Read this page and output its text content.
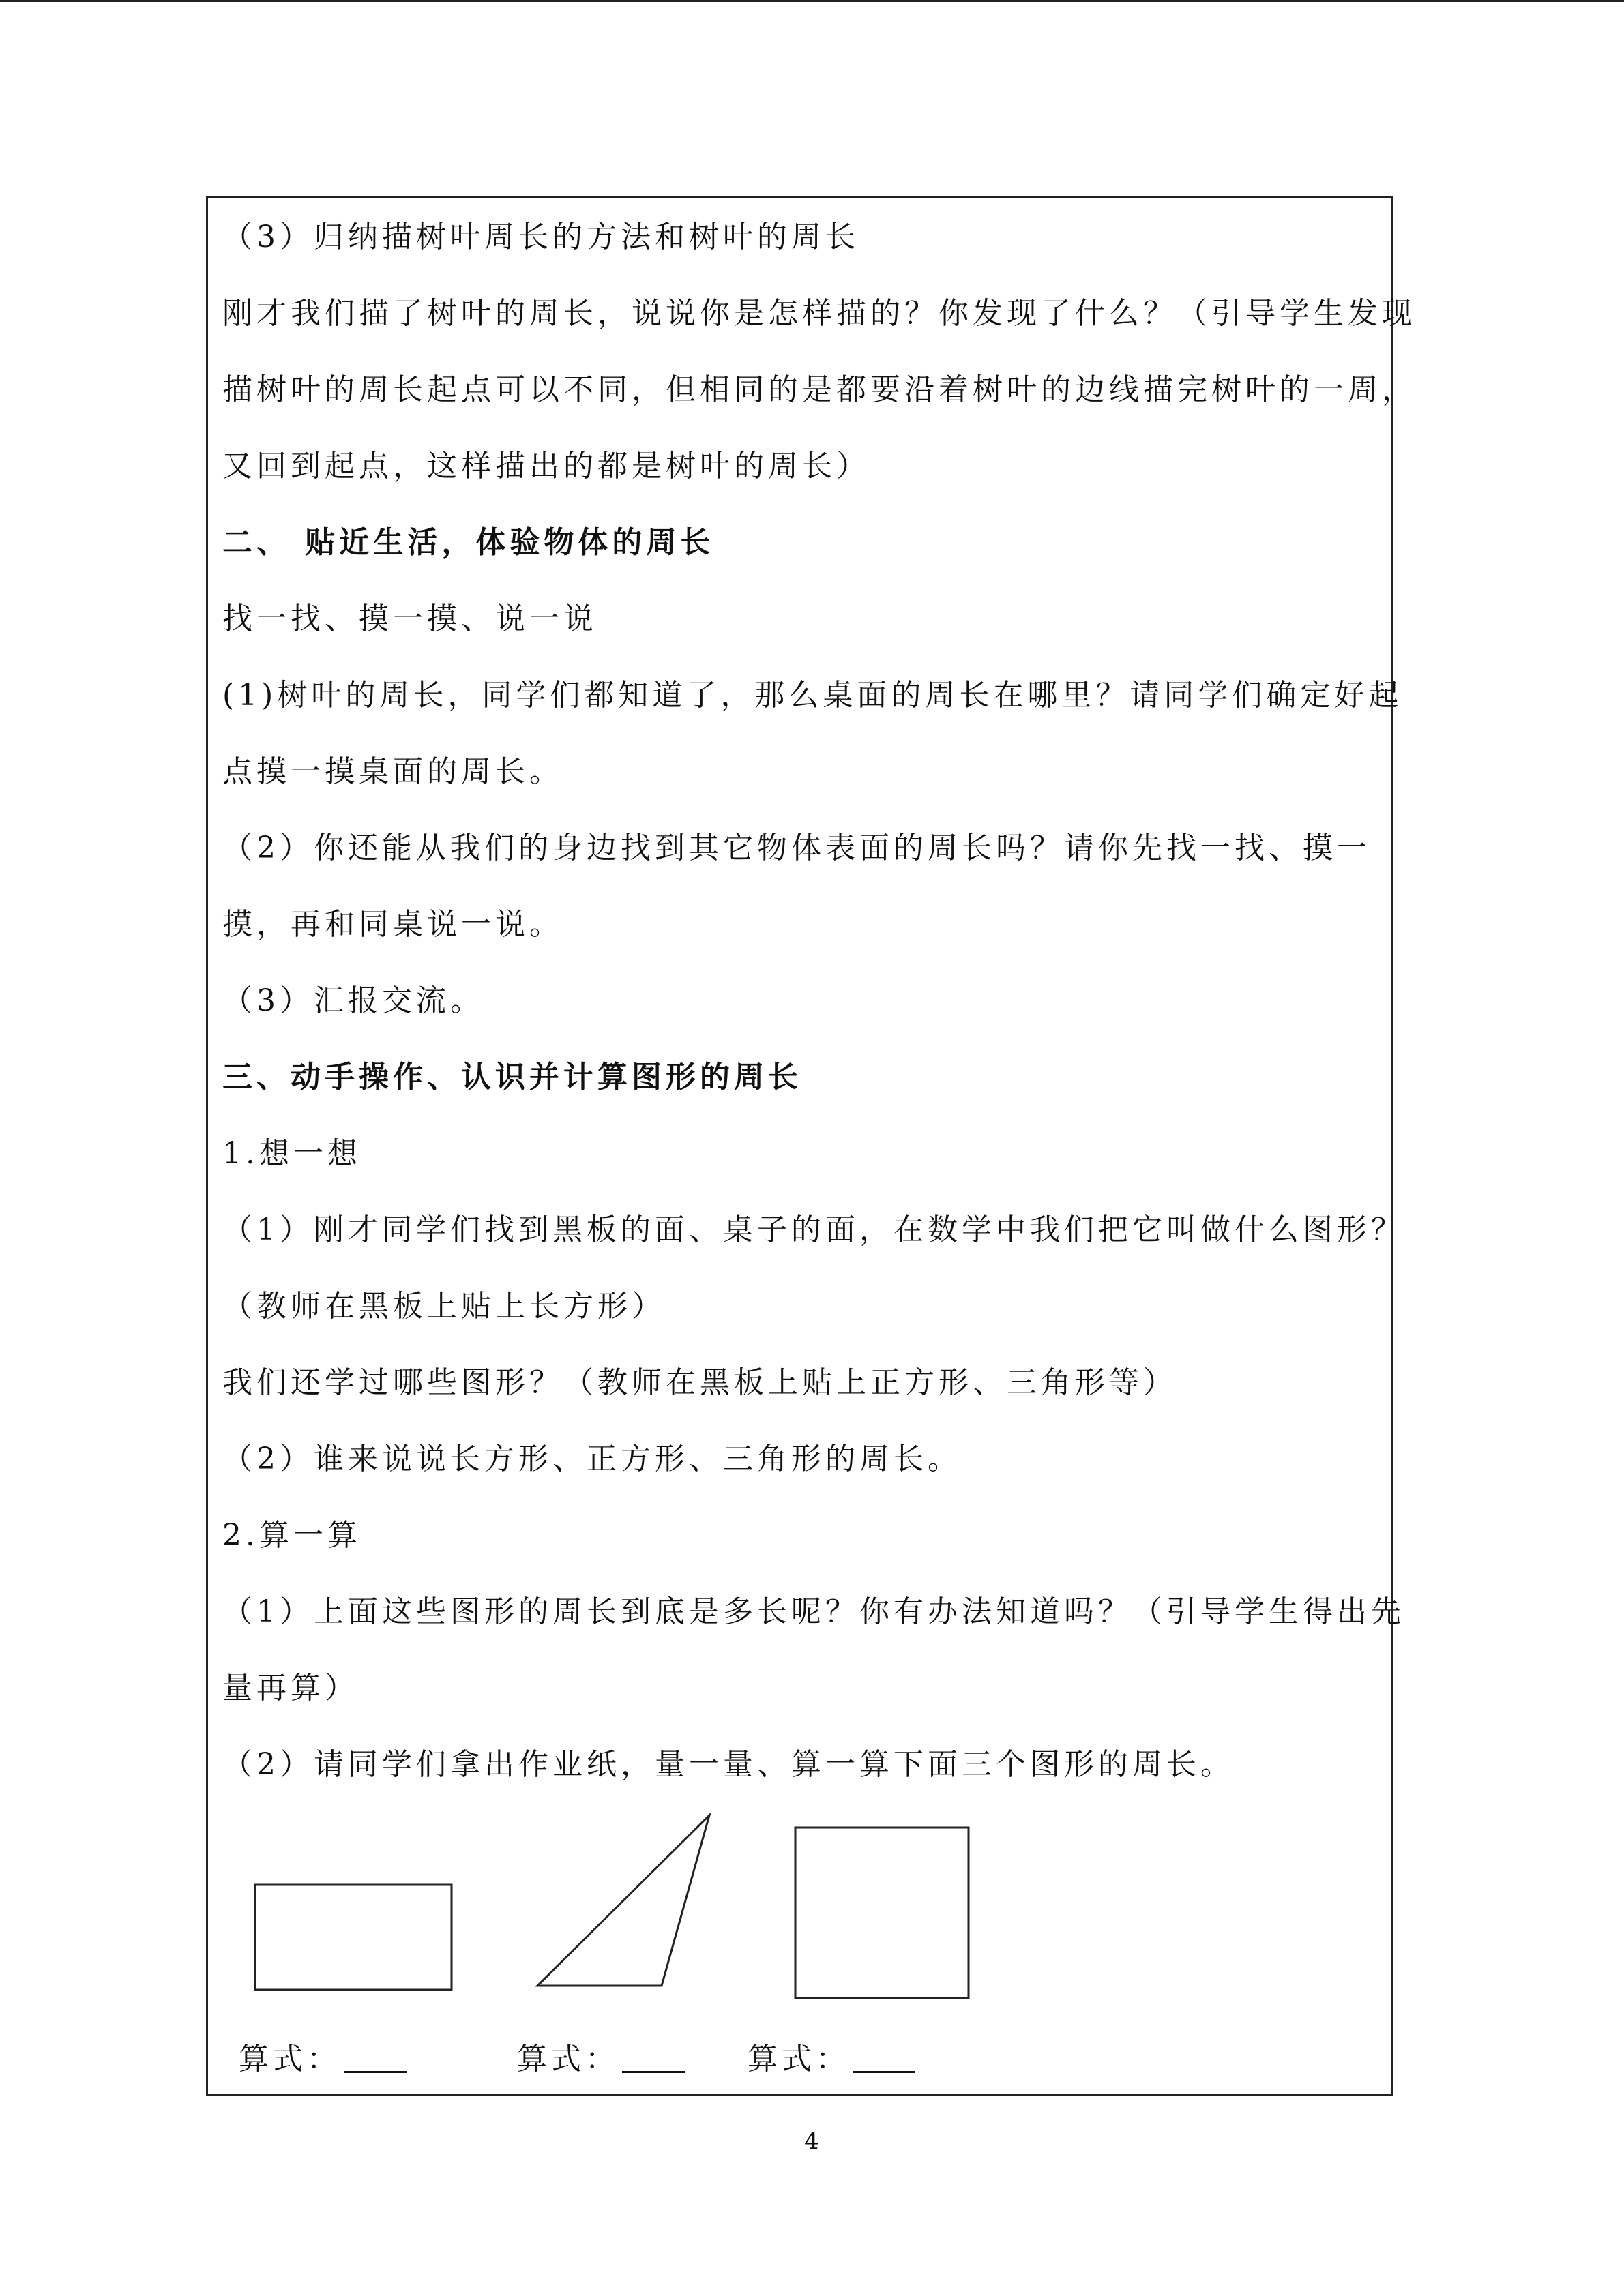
（3）归纳描树叶周长的方法和树叶的周长
刚才我们描了树叶的周长，说说你是怎样描的？你发现了什么？（引导学生发现
描树叶的周长起点可以不同，但相同的是都要沿着树叶的边线描完树叶的一周，
又回到起点，这样描出的都是树叶的周长）
二、 贴近生活，体验物体的周长
找一找、摸一摸、说一说
(1)树叶的周长，同学们都知道了，那么桌面的周长在哪里？请同学们确定好起
点摸一摸桌面的周长。
（2）你还能从我们的身边找到其它物体表面的周长吗？请你先找一找、摸一
摸，再和同桌说一说。
（3）汇报交流。
三、动手操作、认识并计算图形的周长
1.想一想
（1）刚才同学们找到黑板的面、桌子的面，在数学中我们把它叫做什么图形？
（教师在黑板上贴上长方形）
我们还学过哪些图形？（教师在黑板上贴上正方形、三角形等）
（2）谁来说说长方形、正方形、三角形的周长。
2.算一算
（1）上面这些图形的周长到底是多长呢？你有办法知道吗？（引导学生得出先
量再算）
（2）请同学们拿出作业纸，量一量、算一算下面三个图形的周长。
算式：	算式：	算式：
4
